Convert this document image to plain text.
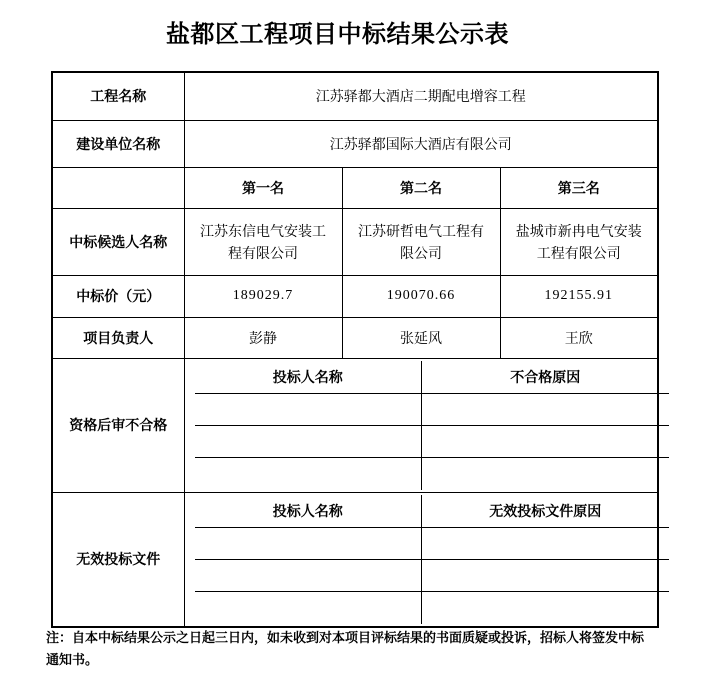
盐都区工程项目中标结果公示表
工程名称	江苏驿都大酒店二期配电增容工程
建设单位名称	江苏驿都国际大酒店有限公司
	第一名	第二名	第三名
中标候选人名称	江苏东信电气安装工程有限公司	江苏研哲电气工程有限公司	盐城市新冉电气安装工程有限公司
中标价（元）	189029.7	190070.66	192155.91
项目负责人	彭静	张延风	王欣
资格后审不合格	
投标人名称	不合格原因

无效投标文件	
投标人名称	无效投标文件原因

注：自本中标结果公示之日起三日内，如未收到对本项目评标结果的书面质疑或投诉，招标人将签发中标通知书。
